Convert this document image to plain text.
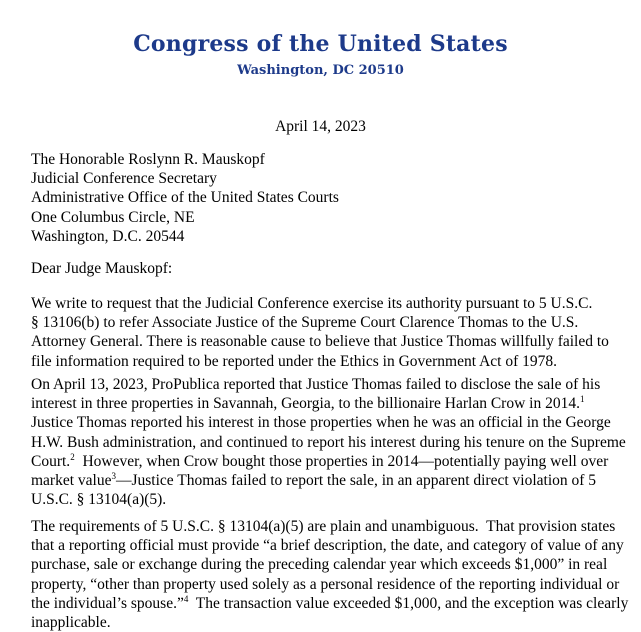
Congress of the United States
Washington, DC 20510
April 14, 2023
The Honorable Roslynn R. Mauskopf
Judicial Conference Secretary
Administrative Office of the United States Courts
One Columbus Circle, NE
Washington, D.C. 20544
Dear Judge Mauskopf:
We write to request that the Judicial Conference exercise its authority pursuant to 5 U.S.C.
§ 13106(b) to refer Associate Justice of the Supreme Court Clarence Thomas to the U.S.
Attorney General. There is reasonable cause to believe that Justice Thomas willfully failed to
file information required to be reported under the Ethics in Government Act of 1978.
On April 13, 2023, ProPublica reported that Justice Thomas failed to disclose the sale of his
interest in three properties in Savannah, Georgia, to the billionaire Harlan Crow in 2014.$^1$
Justice Thomas reported his interest in those properties when he was an official in the George
H.W. Bush administration, and continued to report his interest during his tenure on the Supreme
Court.$^2$  However, when Crow bought those properties in 2014—potentially paying well over
market value$^3$—Justice Thomas failed to report the sale, in an apparent direct violation of 5
U.S.C. § 13104(a)(5).
The requirements of 5 U.S.C. § 13104(a)(5) are plain and unambiguous.  That provision states
that a reporting official must provide “a brief description, the date, and category of value of any
purchase, sale or exchange during the preceding calendar year which exceeds $1,000” in real
property, “other than property used solely as a personal residence of the reporting individual or
the individual’s spouse.”$^4$  The transaction value exceeded $1,000, and the exception was clearly
inapplicable.
